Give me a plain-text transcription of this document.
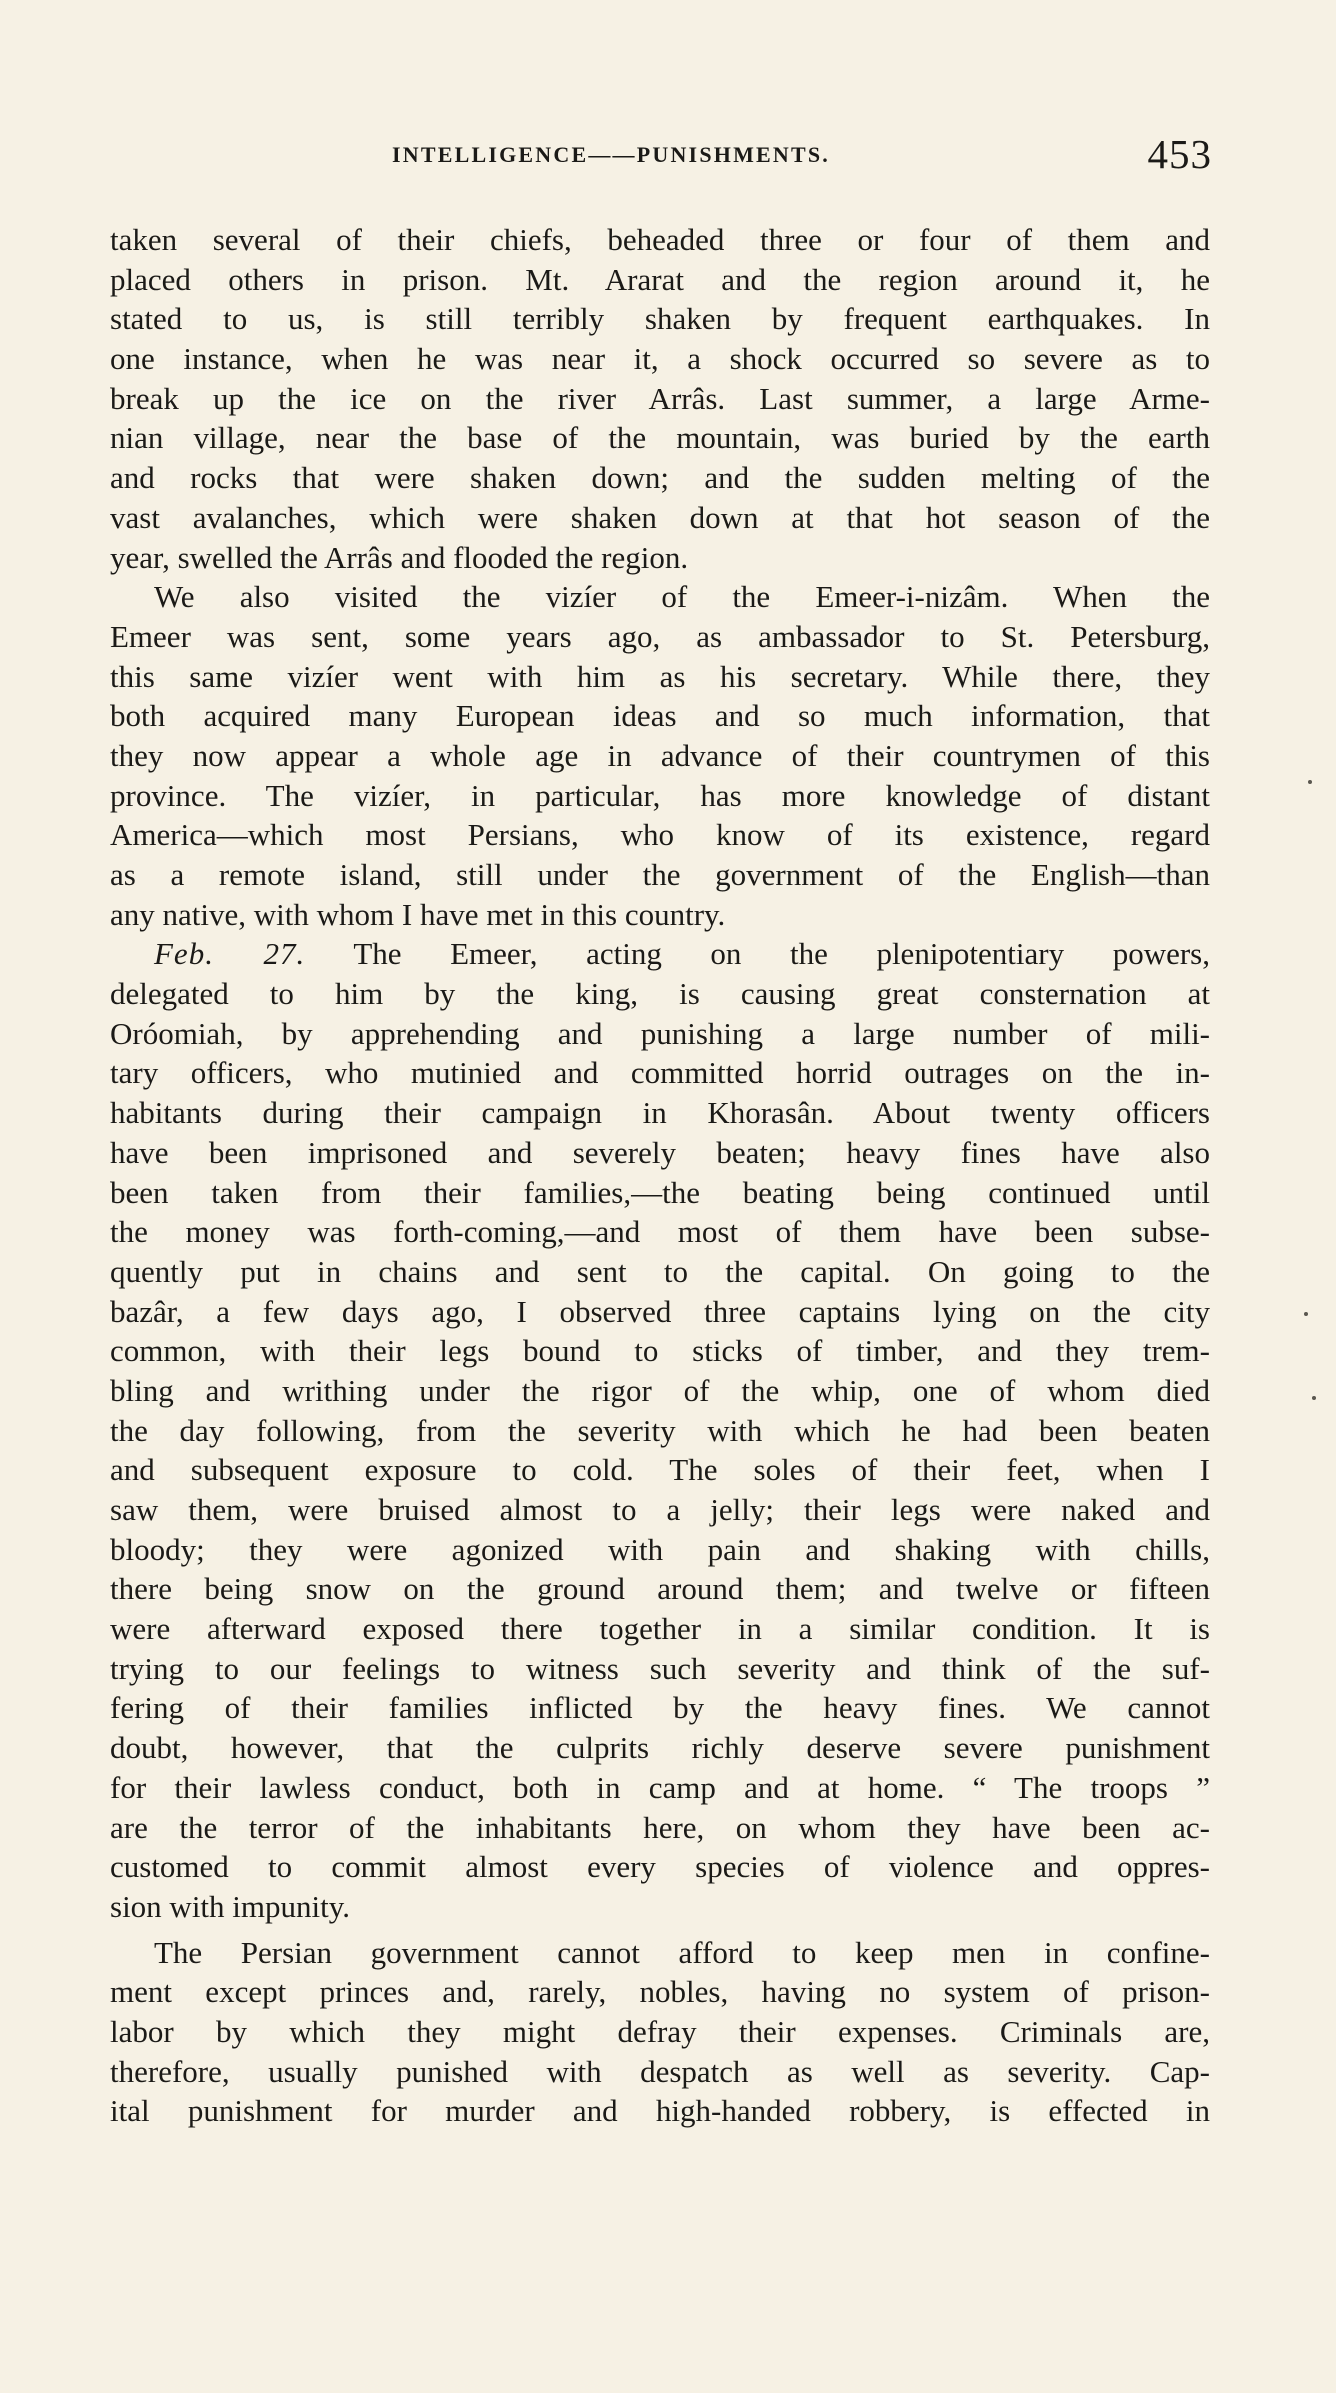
INTELLIGENCE——PUNISHMENTS.	453
taken several of their chiefs, beheaded three or four of them and
placed others in prison. Mt. Ararat and the region around it, he
stated to us, is still terribly shaken by frequent earthquakes. In
one instance, when he was near it, a shock occurred so severe as to
break up the ice on the river Arrâs. Last summer, a large Arme-
nian village, near the base of the mountain, was buried by the earth
and rocks that were shaken down; and the sudden melting of the
vast avalanches, which were shaken down at that hot season of the
year, swelled the Arrâs and flooded the region.
We also visited the vizíer of the Emeer-i-nizâm. When the
Emeer was sent, some years ago, as ambassador to St. Petersburg,
this same vizíer went with him as his secretary. While there, they
both acquired many European ideas and so much information, that
they now appear a whole age in advance of their countrymen of this
province. The vizíer, in particular, has more knowledge of distant
America—which most Persians, who know of its existence, regard
as a remote island, still under the government of the English—than
any native, with whom I have met in this country.
Feb. 27. The Emeer, acting on the plenipotentiary powers,
delegated to him by the king, is causing great consternation at
Oróomiah, by apprehending and punishing a large number of mili-
tary officers, who mutinied and committed horrid outrages on the in-
habitants during their campaign in Khorasân. About twenty officers
have been imprisoned and severely beaten; heavy fines have also
been taken from their families,—the beating being continued until
the money was forth-coming,—and most of them have been subse-
quently put in chains and sent to the capital. On going to the
bazâr, a few days ago, I observed three captains lying on the city
common, with their legs bound to sticks of timber, and they trem-
bling and writhing under the rigor of the whip, one of whom died
the day following, from the severity with which he had been beaten
and subsequent exposure to cold. The soles of their feet, when I
saw them, were bruised almost to a jelly; their legs were naked and
bloody; they were agonized with pain and shaking with chills,
there being snow on the ground around them; and twelve or fifteen
were afterward exposed there together in a similar condition. It is
trying to our feelings to witness such severity and think of the suf-
fering of their families inflicted by the heavy fines. We cannot
doubt, however, that the culprits richly deserve severe punishment
for their lawless conduct, both in camp and at home. “ The troops ”
are the terror of the inhabitants here, on whom they have been ac-
customed to commit almost every species of violence and oppres-
sion with impunity.
The Persian government cannot afford to keep men in confine-
ment except princes and, rarely, nobles, having no system of prison-
labor by which they might defray their expenses. Criminals are,
therefore, usually punished with despatch as well as severity. Cap-
ital punishment for murder and high-handed robbery, is effected in
